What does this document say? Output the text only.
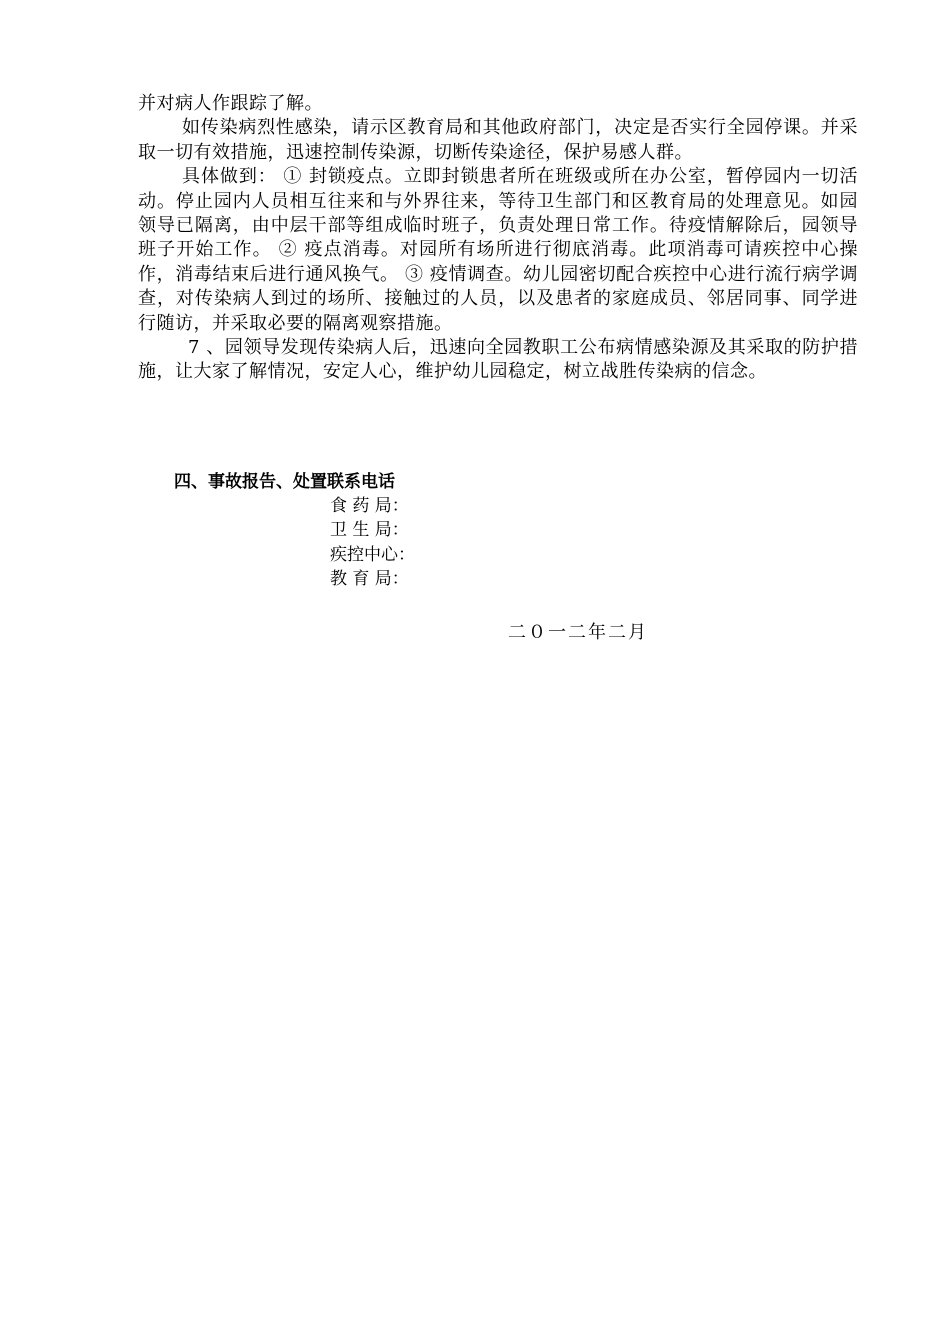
并对病人作跟踪了解。

如传染病烈性感染，请示区教育局和其他政府部门，决定是否实行全园停课。并采取一切有效措施，迅速控制传染源，切断传染途径，保护易感人群。

具体做到： ① 封锁疫点。立即封锁患者所在班级或所在办公室，暂停园内一切活动。停止园内人员相互往来和与外界往来，等待卫生部门和区教育局的处理意见。如园领导已隔离，由中层干部等组成临时班子，负责处理日常工作。待疫情解除后，园领导班子开始工作。 ② 疫点消毒。对园所有场所进行彻底消毒。此项消毒可请疾控中心操作，消毒结束后进行通风换气。 ③ 疫情调查。幼儿园密切配合疾控中心进行流行病学调查，对传染病人到过的场所、接触过的人员，以及患者的家庭成员、邻居同事、同学进行随访，并采取必要的隔离观察措施。

7 、园领导发现传染病人后，迅速向全园教职工公布病情感染源及其采取的防护措施，让大家了解情况，安定人心，维护幼儿园稳定，树立战胜传染病的信念。

四、事故报告、处置联系电话
食 药 局：
卫 生 局：
疾控中心：
教 育 局：
二０一二年二月
